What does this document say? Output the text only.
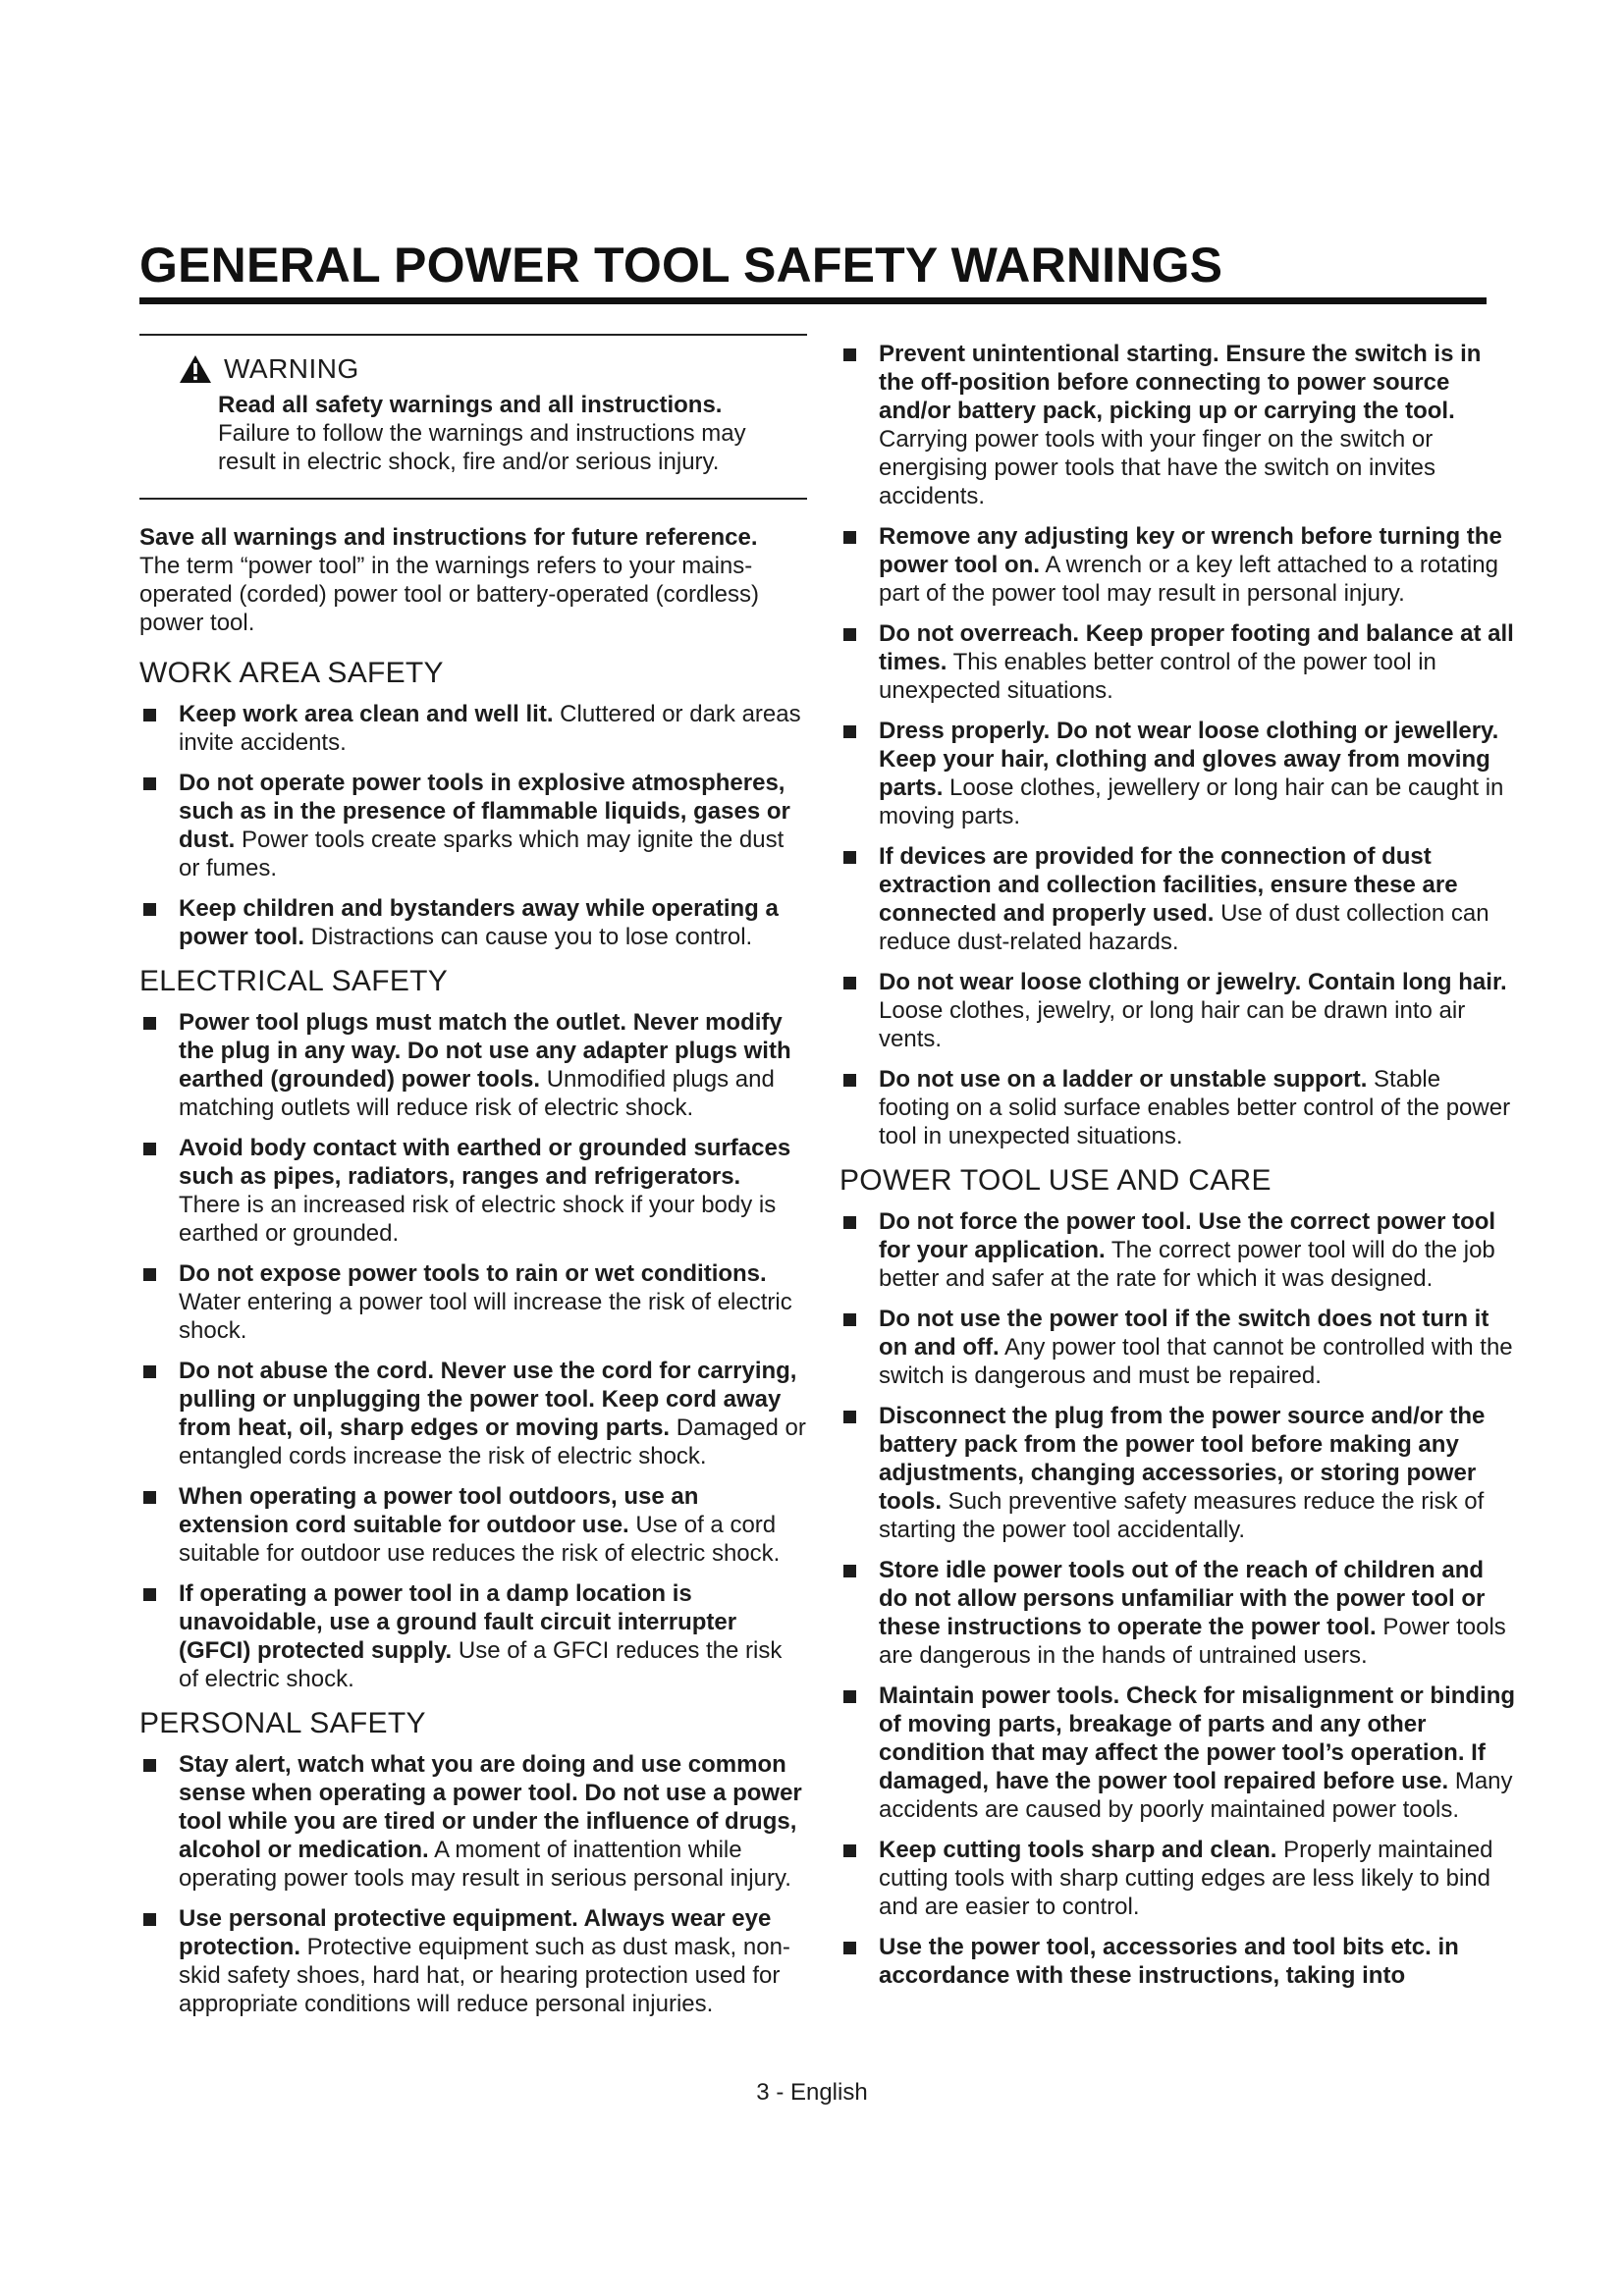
GENERAL POWER TOOL SAFETY WARNINGS
WARNING
Read all safety warnings and all instructions.
Failure to follow the warnings and instructions may result in electric shock, fire and/or serious injury.

Save all warnings and instructions for future reference.
The term “power tool” in the warnings refers to your mains-operated (corded) power tool or battery-operated (cordless) power tool.

WORK AREA SAFETY
Keep work area clean and well lit. Cluttered or dark areas invite accidents.
Do not operate power tools in explosive atmospheres, such as in the presence of flammable liquids, gases or dust. Power tools create sparks which may ignite the dust or fumes.
Keep children and bystanders away while operating a power tool. Distractions can cause you to lose control.
ELECTRICAL SAFETY
Power tool plugs must match the outlet. Never modify the plug in any way. Do not use any adapter plugs with earthed (grounded) power tools. Unmodified plugs and matching outlets will reduce risk of electric shock.
Avoid body contact with earthed or grounded surfaces such as pipes, radiators, ranges and refrigerators. There is an increased risk of electric shock if your body is earthed or grounded.
Do not expose power tools to rain or wet conditions. Water entering a power tool will increase the risk of electric shock.
Do not abuse the cord. Never use the cord for carrying, pulling or unplugging the power tool. Keep cord away from heat, oil, sharp edges or moving parts. Damaged or entangled cords increase the risk of electric shock.
When operating a power tool outdoors, use an extension cord suitable for outdoor use. Use of a cord suitable for outdoor use reduces the risk of electric shock.
If operating a power tool in a damp location is unavoidable, use a ground fault circuit interrupter (GFCI) protected supply. Use of a GFCI reduces the risk of electric shock.
PERSONAL SAFETY
Stay alert, watch what you are doing and use common sense when operating a power tool. Do not use a power tool while you are tired or under the influence of drugs, alcohol or medication. A moment of inattention while operating power tools may result in serious personal injury.
Use personal protective equipment. Always wear eye protection. Protective equipment such as dust mask, non-skid safety shoes, hard hat, or hearing protection used for appropriate conditions will reduce personal injuries.
Prevent unintentional starting. Ensure the switch is in the off-position before connecting to power source and/or battery pack, picking up or carrying the tool. Carrying power tools with your finger on the switch or energising power tools that have the switch on invites accidents.
Remove any adjusting key or wrench before turning the power tool on. A wrench or a key left attached to a rotating part of the power tool may result in personal injury.
Do not overreach. Keep proper footing and balance at all times. This enables better control of the power tool in unexpected situations.
Dress properly. Do not wear loose clothing or jewellery. Keep your hair, clothing and gloves away from moving parts. Loose clothes, jewellery or long hair can be caught in moving parts.
If devices are provided for the connection of dust extraction and collection facilities, ensure these are connected and properly used. Use of dust collection can reduce dust-related hazards.
Do not wear loose clothing or jewelry. Contain long hair. Loose clothes, jewelry, or long hair can be drawn into air vents.
Do not use on a ladder or unstable support. Stable footing on a solid surface enables better control of the power tool in unexpected situations.
POWER TOOL USE AND CARE
Do not force the power tool. Use the correct power tool for your application. The correct power tool will do the job better and safer at the rate for which it was designed.
Do not use the power tool if the switch does not turn it on and off. Any power tool that cannot be controlled with the switch is dangerous and must be repaired.
Disconnect the plug from the power source and/or the battery pack from the power tool before making any adjustments, changing accessories, or storing power tools. Such preventive safety measures reduce the risk of starting the power tool accidentally.
Store idle power tools out of the reach of children and do not allow persons unfamiliar with the power tool or these instructions to operate the power tool. Power tools are dangerous in the hands of untrained users.
Maintain power tools. Check for misalignment or binding of moving parts, breakage of parts and any other condition that may affect the power tool’s operation. If damaged, have the power tool repaired before use. Many accidents are caused by poorly maintained power tools.
Keep cutting tools sharp and clean. Properly maintained cutting tools with sharp cutting edges are less likely to bind and are easier to control.
Use the power tool, accessories and tool bits etc. in accordance with these instructions, taking into
3 - English
